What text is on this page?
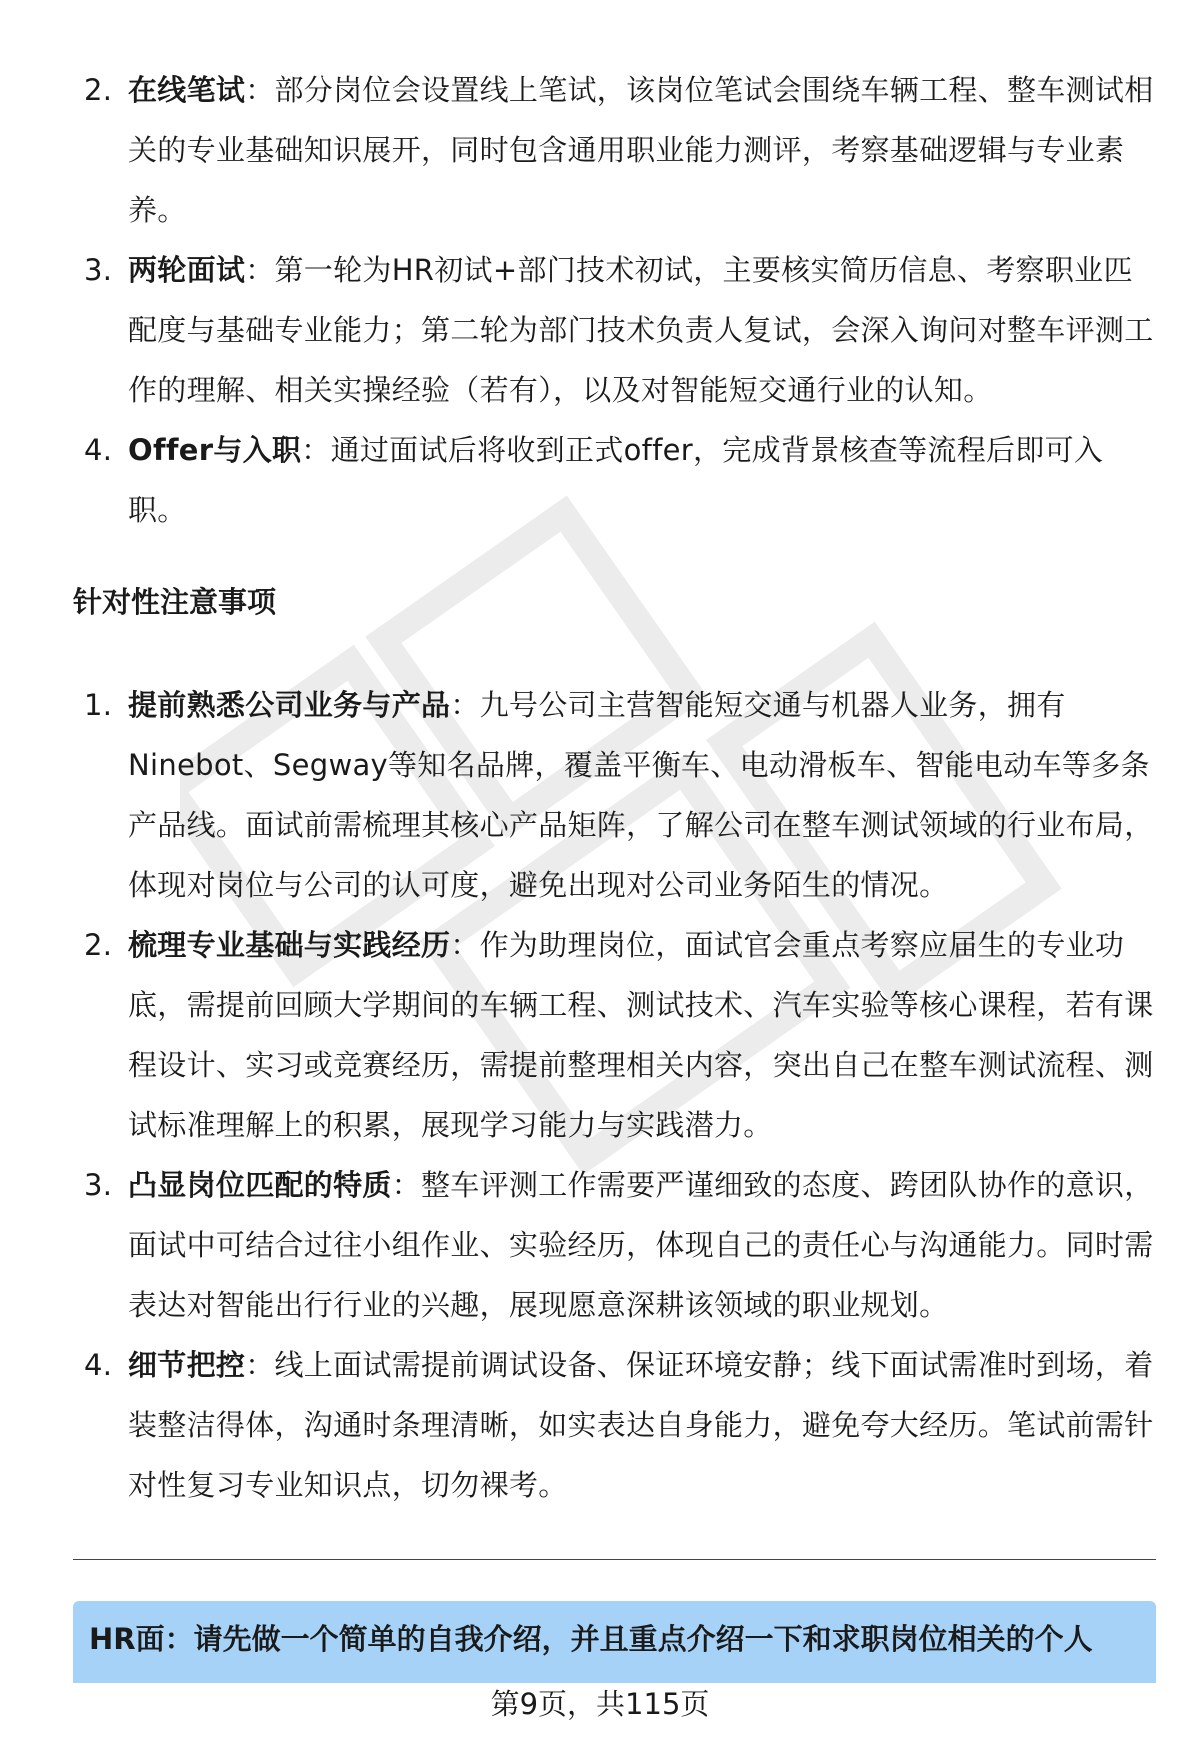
2. 在线笔试：部分岗位会设置线上笔试，该岗位笔试会围绕车辆工程、整车测试相关的专业基础知识展开，同时包含通用职业能力测评，考察基础逻辑与专业素养。
3. 两轮面试：第一轮为HR初试+部门技术初试，主要核实简历信息、考察职业匹配度与基础专业能力；第二轮为部门技术负责人复试，会深入询问对整车评测工作的理解、相关实操经验（若有），以及对智能短交通行业的认知。
4. Offer与入职：通过面试后将收到正式offer，完成背景核查等流程后即可入职。
针对性注意事项
1. 提前熟悉公司业务与产品：九号公司主营智能短交通与机器人业务，拥有Ninebot、Segway等知名品牌，覆盖平衡车、电动滑板车、智能电动车等多条产品线。面试前需梳理其核心产品矩阵，了解公司在整车测试领域的行业布局，体现对岗位与公司的认可度，避免出现对公司业务陌生的情况。
2. 梳理专业基础与实践经历：作为助理岗位，面试官会重点考察应届生的专业功底，需提前回顾大学期间的车辆工程、测试技术、汽车实验等核心课程，若有课程设计、实习或竞赛经历，需提前整理相关内容，突出自己在整车测试流程、测试标准理解上的积累，展现学习能力与实践潜力。
3. 凸显岗位匹配的特质：整车评测工作需要严谨细致的态度、跨团队协作的意识，面试中可结合过往小组作业、实验经历，体现自己的责任心与沟通能力。同时需表达对智能出行行业的兴趣，展现愿意深耕该领域的职业规划。
4. 细节把控：线上面试需提前调试设备、保证环境安静；线下面试需准时到场，着装整洁得体，沟通时条理清晰，如实表达自身能力，避免夸大经历。笔试前需针对性复习专业知识点，切勿裸考。
HR面：请先做一个简单的自我介绍，并且重点介绍一下和求职岗位相关的个人
第9页，共115页
